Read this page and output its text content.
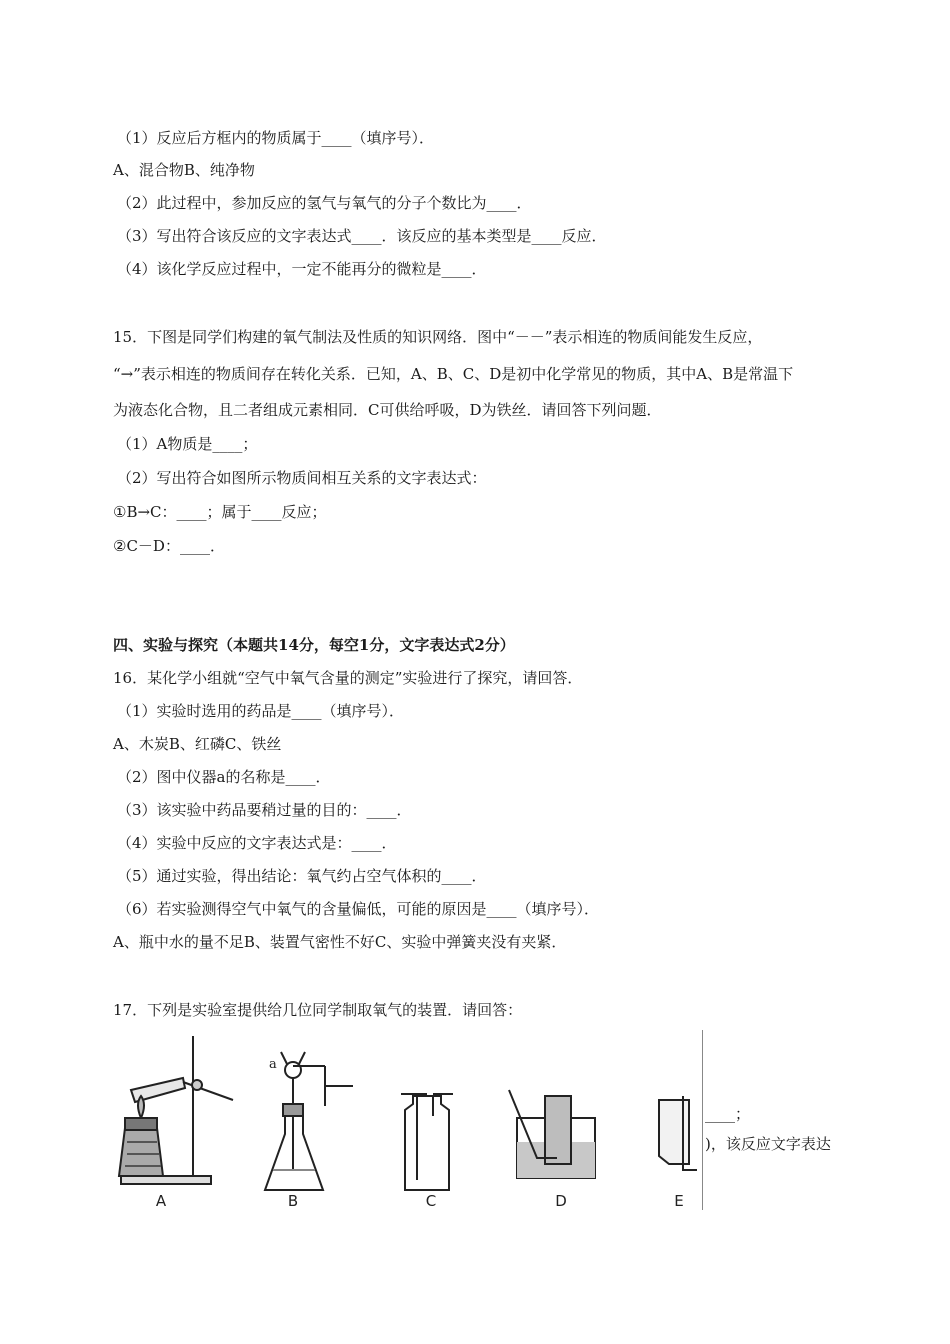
（1）反应后方框内的物质属于____（填序号）．
A、混合物B、纯净物
（2）此过程中，参加反应的氢气与氧气的分子个数比为____．
（3）写出符合该反应的文字表达式____．该反应的基本类型是____反应．
（4）该化学反应过程中，一定不能再分的微粒是____．
15．下图是同学们构建的氧气制法及性质的知识网络．图中“－－”表示相连的物质间能发生反应，
“→”表示相连的物质间存在转化关系．已知，A、B、C、D是初中化学常见的物质，其中A、B是常温下
为液态化合物，且二者组成元素相同．C可供给呼吸，D为铁丝．请回答下列问题．
（1）A物质是____；
（2）写出符合如图所示物质间相互关系的文字表达式：
①B→C：____；属于____反应；
②C－D：____．
四、实验与探究（本题共14分，每空1分，文字表达式2分）
16．某化学小组就“空气中氧气含量的测定”实验进行了探究，请回答．
（1）实验时选用的药品是____（填序号）．
A、木炭B、红磷C、铁丝
（2）图中仪器a的名称是____．
（3）该实验中药品要稍过量的目的：____．
（4）实验中反应的文字表达式是：____．
（5）通过实验，得出结论：氧气约占空气体积的____．
（6）若实验测得空气中氧气的含量偏低，可能的原因是____（填序号）．
A、瓶中水的量不足B、装置气密性不好C、实验中弹簧夹没有夹紧．
17．下列是实验室提供给几位同学制取氧气的装置．请回答：
A	B	C	D	E
a
____；
)，该反应文字表达
